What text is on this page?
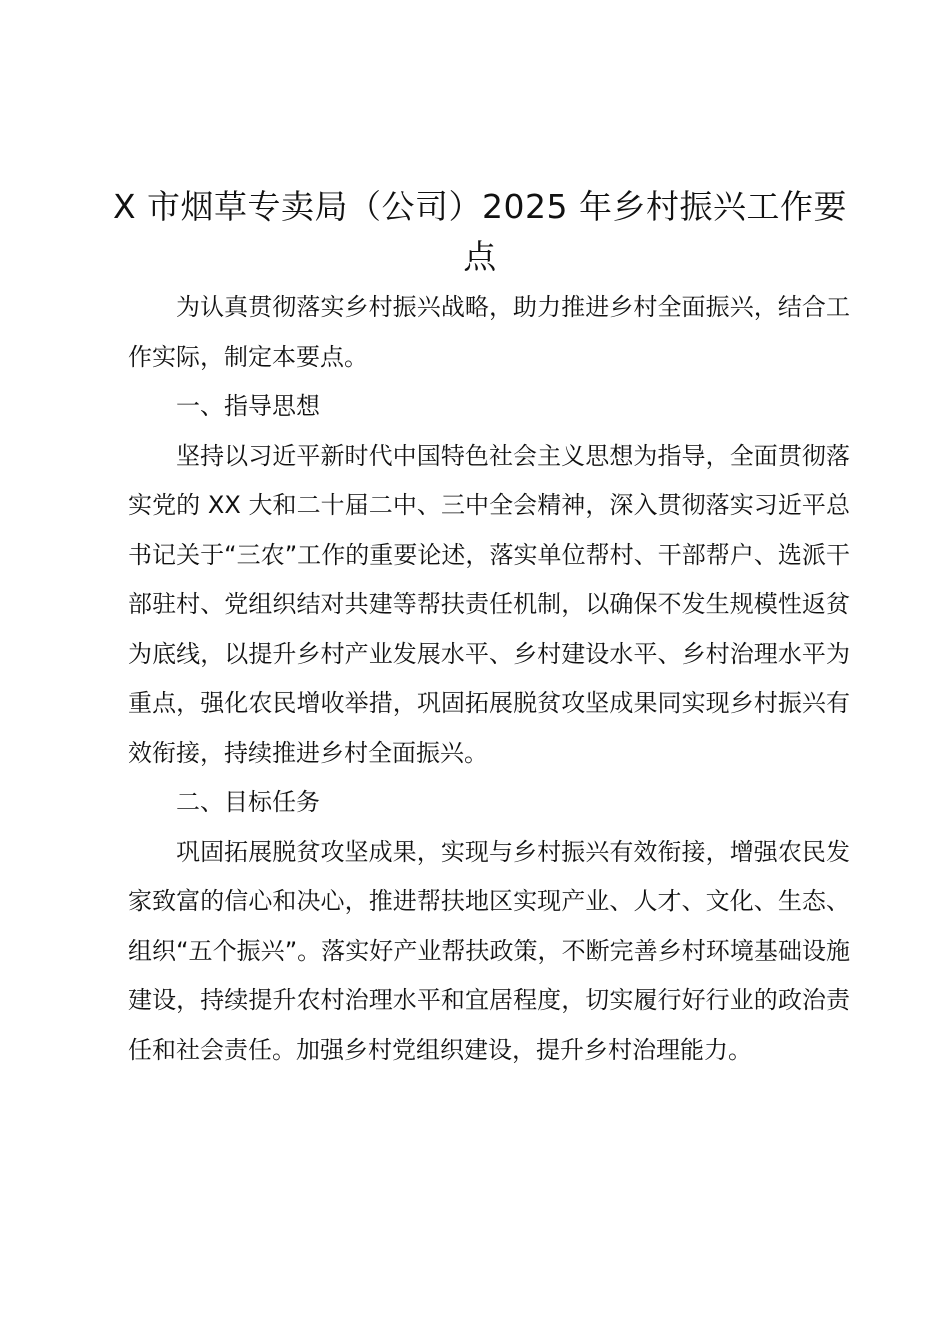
X 市烟草专卖局（公司）2025 年乡村振兴工作要点

为认真贯彻落实乡村振兴战略，助力推进乡村全面振兴，结合工作实际，制定本要点。

一、指导思想

坚持以习近平新时代中国特色社会主义思想为指导，全面贯彻落实党的 XX 大和二十届二中、三中全会精神，深入贯彻落实习近平总书记关于“三农”工作的重要论述，落实单位帮村、干部帮户、选派干部驻村、党组织结对共建等帮扶责任机制，以确保不发生规模性返贫为底线，以提升乡村产业发展水平、乡村建设水平、乡村治理水平为重点，强化农民增收举措，巩固拓展脱贫攻坚成果同实现乡村振兴有效衔接，持续推进乡村全面振兴。

二、目标任务

巩固拓展脱贫攻坚成果，实现与乡村振兴有效衔接，增强农民发家致富的信心和决心，推进帮扶地区实现产业、人才、文化、生态、组织“五个振兴”。落实好产业帮扶政策，不断完善乡村环境基础设施建设，持续提升农村治理水平和宜居程度，切实履行好行业的政治责任和社会责任。加强乡村党组织建设，提升乡村治理能力。
